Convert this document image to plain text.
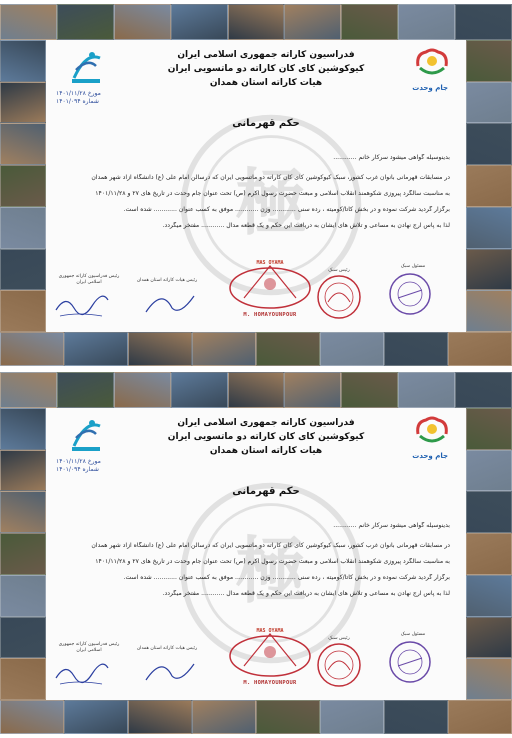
極
مورخ ۱۴۰۱/۱۱/۲۸
شماره ۱۴۰۱/۰۹۴
جام وحدت
فدراسیون کاراته جمهوری اسلامی ایران
کیوکوشین کای کان کاراته دو ماتسویی ایران
هیات کاراته استان همدان
حکم قهرمانی
بدینوسیله گواهی میشود سرکار خانم ............
در مسابقات قهرمانی بانوان غرب کشور، سبک کیوکوشین کای کان کاراته دو ماتسویی ایران که درسالن امام علی (ع) دانشگاه آزاد شهر همدان
به مناسبت سالگرد پیروزی شکوهمند انقلاب اسلامی و مبعث حضرت رسول اکرم (ص) تحت عنوان جام وحدت در تاریخ های ۲۷ و ۱۴۰۱/۱۱/۲۸
برگزار گردید شرکت نموده و در بخش کاتا/کومیته ، رده سنی ............ وزن ............ موفق به کسب عنوان ............ شده است.
لذا به پاس ارج نهادن به مساعی و تلاش های ایشان به دریافت این حکم و یک قطعه مدال ............ مفتخر میگردد.
رئیس فدراسیون کاراته جمهوری اسلامی ایران	رئیس هیات کاراته استان همدان
MAS OYAMA
M. HOMAYOUNPOUR
رئیس سبک
مسئول سبک
極
مورخ ۱۴۰۱/۱۱/۲۸
شماره ۱۴۰۱/۰۹۴
جام وحدت
فدراسیون کاراته جمهوری اسلامی ایران
کیوکوشین کای کان کاراته دو ماتسویی ایران
هیات کاراته استان همدان
حکم قهرمانی
بدینوسیله گواهی میشود سرکار خانم ............
در مسابقات قهرمانی بانوان غرب کشور، سبک کیوکوشین کای کان کاراته دو ماتسویی ایران که درسالن امام علی (ع) دانشگاه آزاد شهر همدان
به مناسبت سالگرد پیروزی شکوهمند انقلاب اسلامی و مبعث حضرت رسول اکرم (ص) تحت عنوان جام وحدت در تاریخ های ۲۷ و ۱۴۰۱/۱۱/۲۸
برگزار گردید شرکت نموده و در بخش کاتا/کومیته ، رده سنی ............ وزن ............ موفق به کسب عنوان ............ شده است.
لذا به پاس ارج نهادن به مساعی و تلاش های ایشان به دریافت این حکم و یک قطعه مدال ............ مفتخر میگردد.
رئیس فدراسیون کاراته جمهوری اسلامی ایران	رئیس هیات کاراته استان همدان
MAS OYAMA
M. HOMAYOUNPOUR
رئیس سبک
مسئول سبک
